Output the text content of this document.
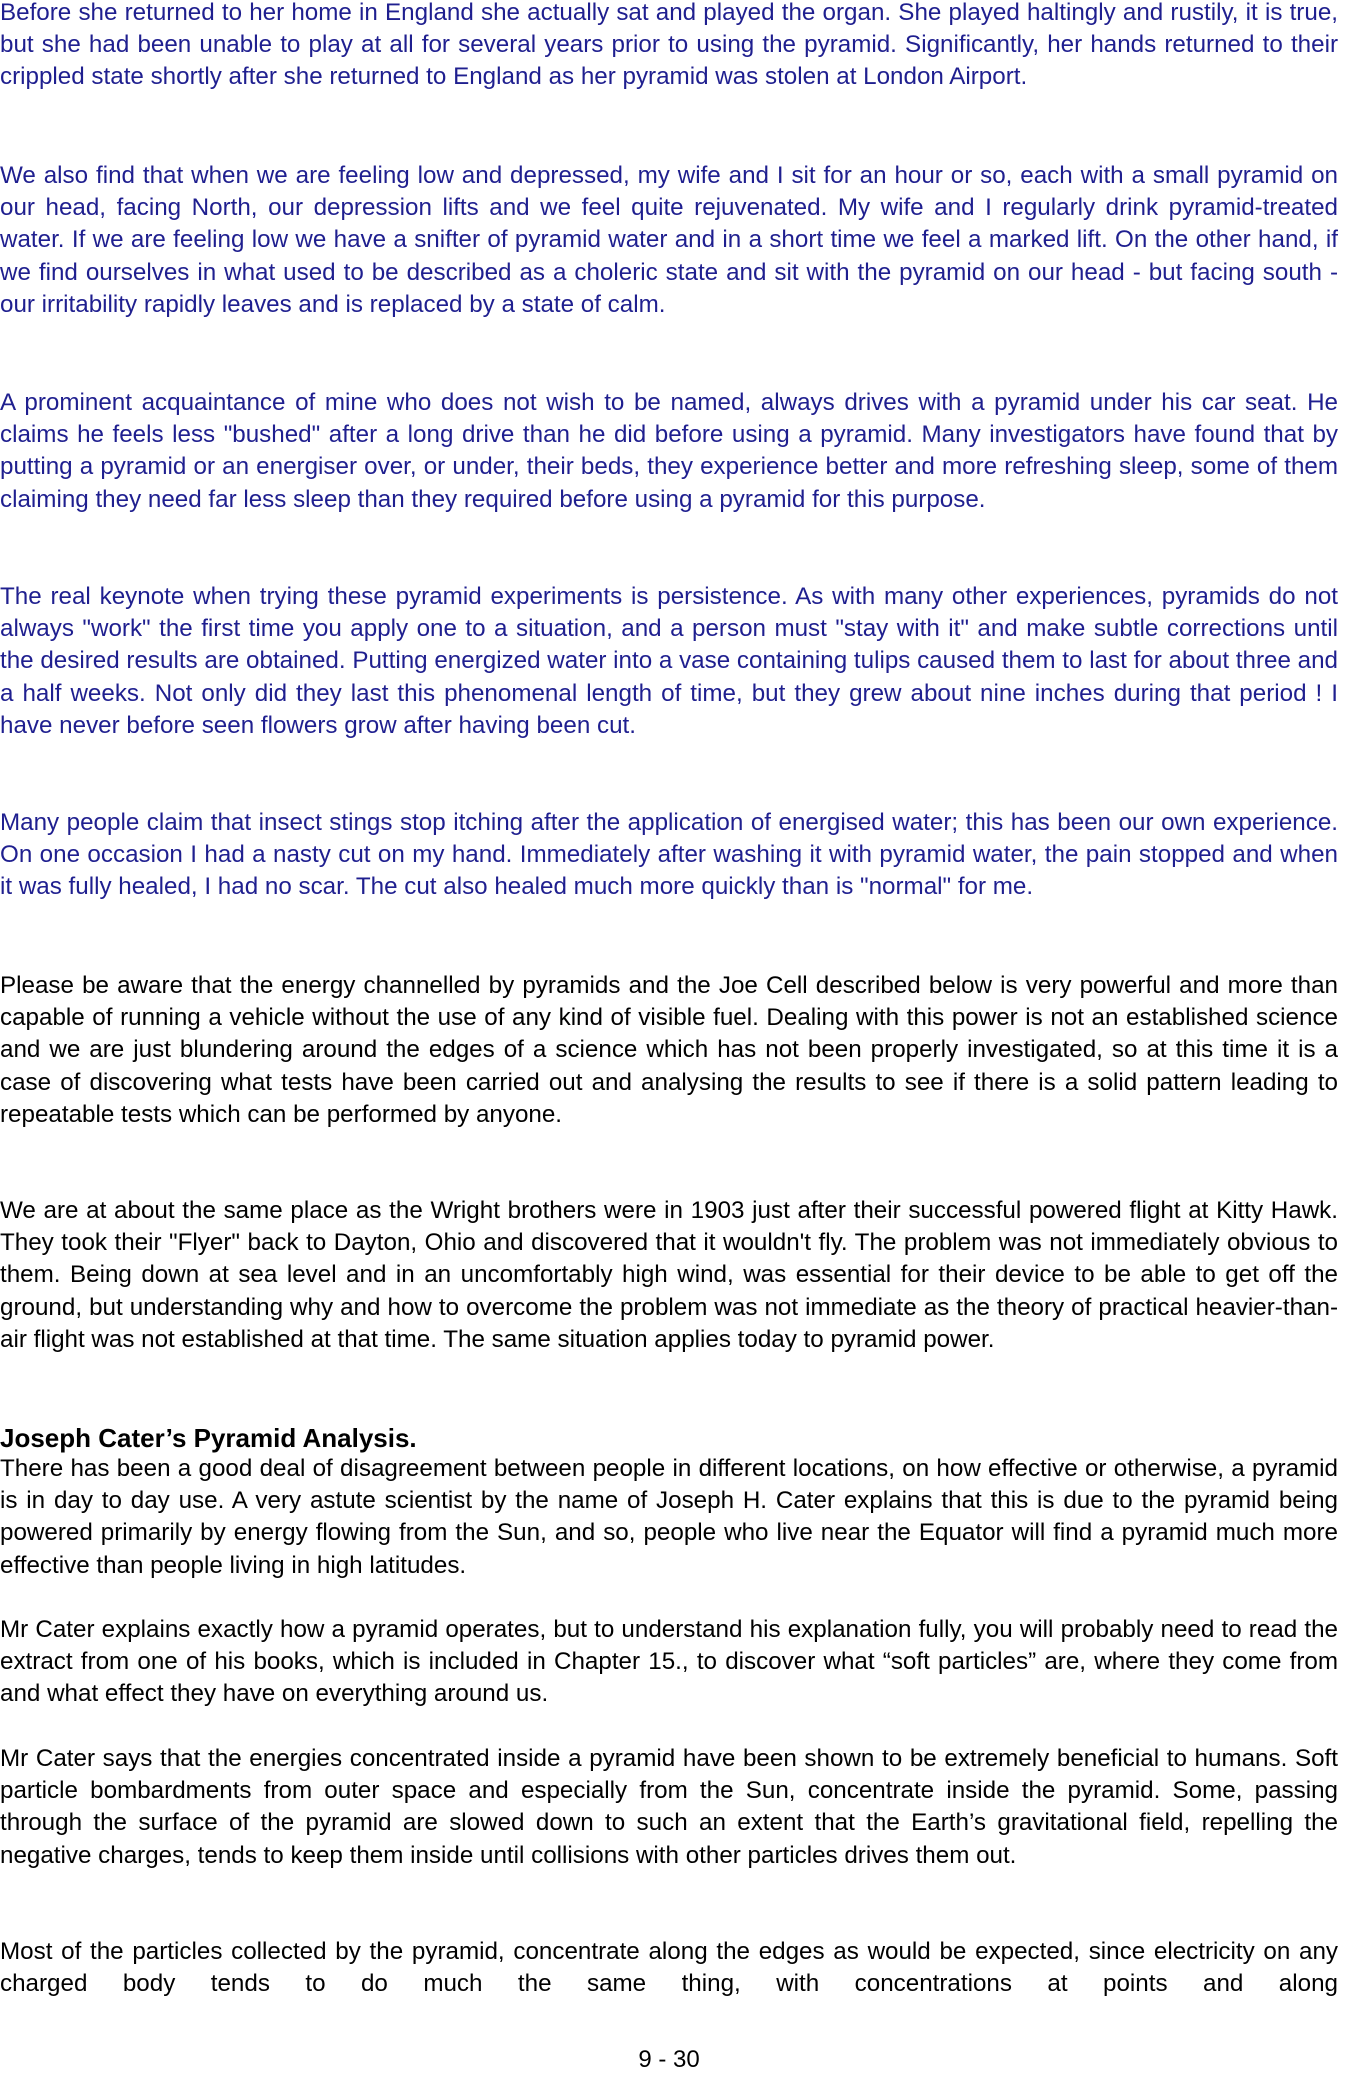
Before she returned to her home in England she actually sat and played the organ. She played haltingly and rustily, it is true, but she had been unable to play at all for several years prior to using the pyramid. Significantly, her hands returned to their crippled state shortly after she returned to England as her pyramid was stolen at London Airport.

We also find that when we are feeling low and depressed, my wife and I sit for an hour or so, each with a small pyramid on our head, facing North, our depression lifts and we feel quite rejuvenated. My wife and I regularly drink pyramid-treated water. If we are feeling low we have a snifter of pyramid water and in a short time we feel a marked lift. On the other hand, if we find ourselves in what used to be described as a choleric state and sit with the pyramid on our head - but facing south -our irritability rapidly leaves and is replaced by a state of calm.

A prominent acquaintance of mine who does not wish to be named, always drives with a pyramid under his car seat. He claims he feels less "bushed" after a long drive than he did before using a pyramid. Many investigators have found that by putting a pyramid or an energiser over, or under, their beds, they experience better and more refreshing sleep, some of them claiming they need far less sleep than they required before using a pyramid for this purpose.

The real keynote when trying these pyramid experiments is persistence. As with many other experiences, pyramids do not always "work" the first time you apply one to a situation, and a person must "stay with it" and make subtle corrections until the desired results are obtained. Putting energized water into a vase containing tulips caused them to last for about three and a half weeks. Not only did they last this phenomenal length of time, but they grew about nine inches during that period ! I have never before seen flowers grow after having been cut.

Many people claim that insect stings stop itching after the application of energised water; this has been our own experience. On one occasion I had a nasty cut on my hand. Immediately after washing it with pyramid water, the pain stopped and when it was fully healed, I had no scar. The cut also healed much more quickly than is "normal" for me.

Please be aware that the energy channelled by pyramids and the Joe Cell described below is very powerful and more than capable of running a vehicle without the use of any kind of visible fuel. Dealing with this power is not an established science and we are just blundering around the edges of a science which has not been properly investigated, so at this time it is a case of discovering what tests have been carried out and analysing the results to see if there is a solid pattern leading to repeatable tests which can be performed by anyone.

We are at about the same place as the Wright brothers were in 1903 just after their successful powered flight at Kitty Hawk. They took their "Flyer" back to Dayton, Ohio and discovered that it wouldn't fly. The problem was not immediately obvious to them. Being down at sea level and in an uncomfortably high wind, was essential for their device to be able to get off the ground, but understanding why and how to overcome the problem was not immediate as the theory of practical heavier-than-air flight was not established at that time. The same situation applies today to pyramid power.

Joseph Cater’s Pyramid Analysis.

There has been a good deal of disagreement between people in different locations, on how effective or otherwise, a pyramid is in day to day use. A very astute scientist by the name of Joseph H. Cater explains that this is due to the pyramid being powered primarily by energy flowing from the Sun, and so, people who live near the Equator will find a pyramid much more effective than people living in high latitudes.

Mr Cater explains exactly how a pyramid operates, but to understand his explanation fully, you will probably need to read the extract from one of his books, which is included in Chapter 15., to discover what “soft particles” are, where they come from and what effect they have on everything around us.

Mr Cater says that the energies concentrated inside a pyramid have been shown to be extremely beneficial to humans. Soft particle bombardments from outer space and especially from the Sun, concentrate inside the pyramid. Some, passing through the surface of the pyramid are slowed down to such an extent that the Earth’s gravitational field, repelling the negative charges, tends to keep them inside until collisions with other particles drives them out.

Most of the particles collected by the pyramid, concentrate along the edges as would be expected, since electricity on any charged body tends to do much the same thing, with concentrations at points and along

9 - 30
